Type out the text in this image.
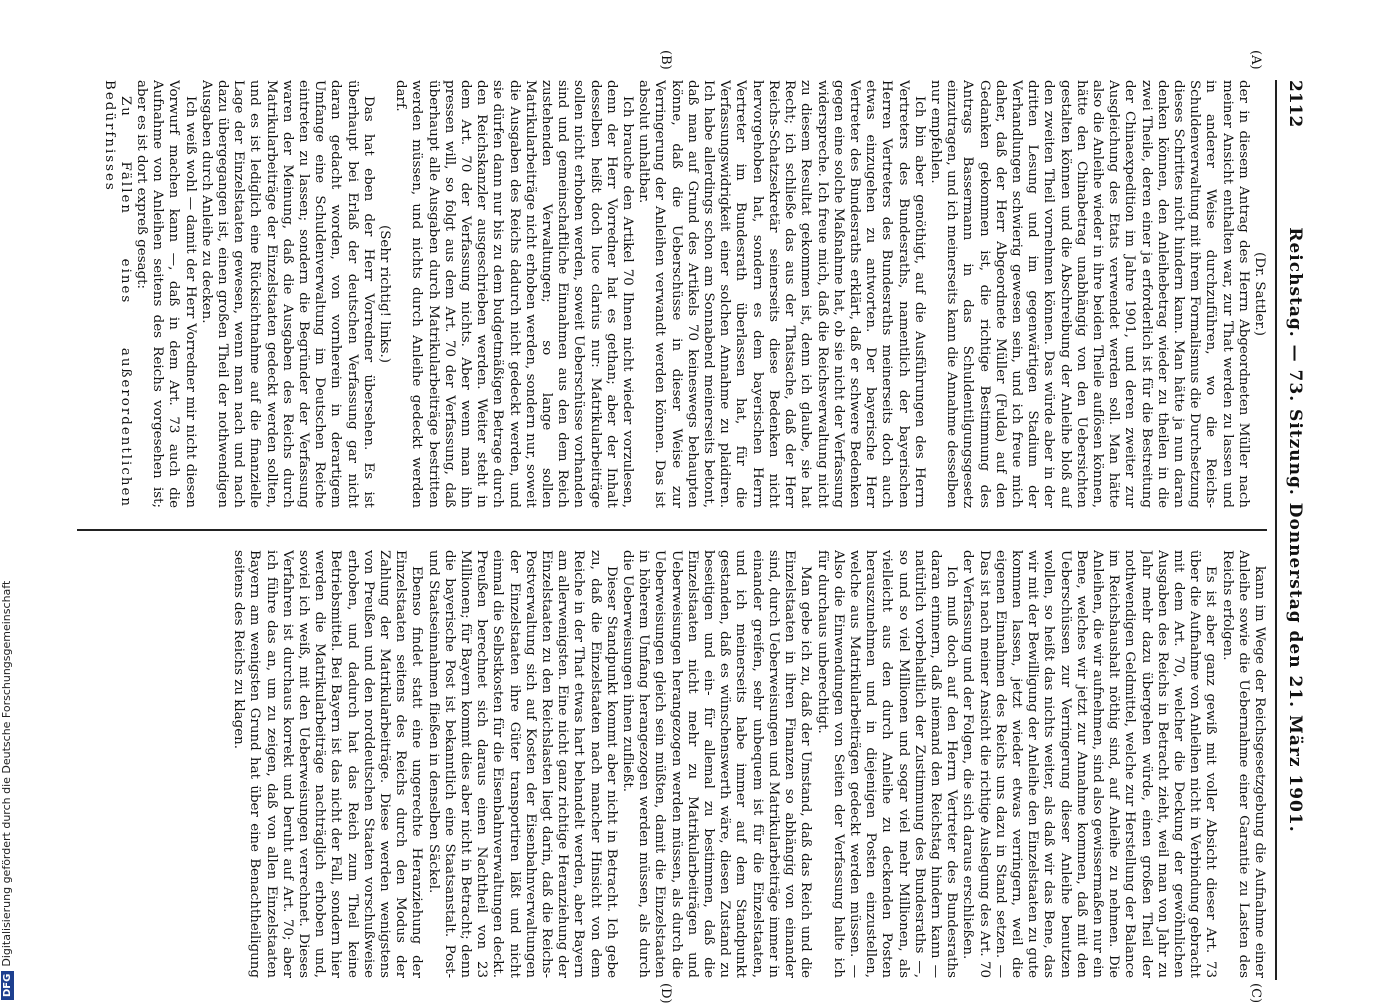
2112
Reichstag. — 73. Sitzung. Donnerstag den 21. März 1901.
(A)
(B)
(C)
(D)

(Dr. Sattler.)

der in diesem Antrag des Herrn Abgeordneten Müller nach meiner Ansicht enthalten war, zur That werden zu lassen und in anderer Weise durchzuführen, wo die Reichs-Schuldenverwaltung mit ihrem Formalismus die Durchsetzung dieses Schrittes nicht hindern kann. Man hätte ja nun daran denken können, den Anleihebetrag wieder zu theilen in die zwei Theile, deren einer ja erforderlich ist für die Bestreitung der Chinaexpedition im Jahre 1901, und deren zweiter zur Ausgleichung des Etats verwendet werden soll. Man hätte also die Anleihe wieder in ihre beiden Theile auflösen können, hätte den Chinabetrag unabhängig von den Uebersichten gestalten können und die Abschreibung der Anleihe bloß auf den zweiten Theil vornehmen können. Das würde aber in der dritten Lesung und im gegenwärtigen Stadium der Verhandlungen schwierig gewesen sein, und ich freue mich daher, daß der Herr Abgeordnete Müller (Fulda) auf den Gedanken gekommen ist, die richtige Bestimmung des Antrags Bassermann in das Schuldentilgungsgesetz einzutragen, und ich meinerseits kann die Annahme desselben nur empfehlen.

Ich bin aber genöthigt, auf die Ausführungen des Herrn Vertreters des Bundesraths, namentlich der bayerischen Herren Vertreters des Bundesraths meinerseits doch auch etwas einzugehen zu antworten. Der bayerische Herr Vertreter des Bundesraths erklärt, daß er schwere Bedenken gegen eine solche Maßnahme hat, ob sie nicht der Verfassung widerspreche. Ich freue mich, daß die Reichsverwaltung nicht zu diesem Resultat gekommen ist, denn ich glaube, sie hat Recht; ich schließe das aus der Thatsache, daß der Herr Reichs-Schatzsekretär seinerseits diese Bedenken nicht hervorgehoben hat, sondern es dem bayerischen Herrn Vertreter im Bundesrath überlassen hat, für die Verfassungswidrigkeit einer solchen Annahme zu plaidiren. Ich habe allerdings schon am Sonnabend meinerseits betont, daß man auf Grund des Artikels 70 keineswegs behaupten könne, daß die Ueberschüsse in dieser Weise zur Verringerung der Anleihen verwandt werden können. Das ist absolut unhaltbar.

Ich brauche den Artikel 70 Ihnen nicht wieder vorzulesen, denn der Herr Vorredner hat es gethan; aber der Inhalt desselben heißt doch luce clarius nur: Matrikularbeiträge sollen nicht erhoben werden, soweit Ueberschüsse vorhanden sind und gemeinschaftliche Einnahmen aus den dem Reich zustehenden Verwaltungen; so lange sollen Matrikularbeiträge nicht erhoben werden, sondern nur, soweit die Ausgaben des Reichs dadurch nicht gedeckt werden, und sie dürfen dann nur bis zu dem budgetmäßigen Betrage durch den Reichskanzler ausgeschrieben werden. Weiter steht in dem Art. 70 der Verfassung nichts. Aber wenn man ihn pressen will, so folgt aus dem Art. 70 der Verfassung, daß überhaupt alle Ausgaben durch Matrikularbeiträge bestritten werden müssen, und nichts durch Anleihe gedeckt werden darf.

(Sehr richtig! links.)

Das hat eben der Herr Vorredner übersehen. Es ist überhaupt bei Erlaß der deutschen Verfassung gar nicht daran gedacht worden, von vornherein in derartigem Umfange eine Schuldenverwaltung im Deutschen Reiche eintreten zu lassen; sondern die Begründer der Verfassung waren der Meinung, daß die Ausgaben des Reichs durch Matrikularbeiträge der Einzelstaaten gedeckt werden sollten, und es ist lediglich eine Rücksichtnahme auf die finanzielle Lage der Einzelstaaten gewesen, wenn man nach und nach dazu übergegangen ist, einen großen Theil der nothwendigen Ausgaben durch Anleihe zu decken.

Ich weiß wohl — damit der Herr Vorredner mir nicht diesen Vorwurf machen kann —, daß in dem Art. 73 auch die Aufnahme von Anleihen seitens des Reichs vorgesehen ist; aber es ist dort expreß gesagt:

Zu Fällen eines außerordentlichen Bedürfnisses

kann im Wege der Reichsgesetzgebung die Aufnahme einer Anleihe sowie die Uebernahme einer Garantie zu Lasten des Reichs erfolgen.

Es ist aber ganz gewiß mit voller Absicht dieser Art. 73 über die Aufnahme von Anleihen nicht in Verbindung gebracht mit dem Art. 70, welcher die Deckung der gewöhnlichen Ausgaben des Reichs in Betracht zieht, weil man von Jahr zu Jahr mehr dazu übergehen würde, einen großen Theil der nothwendigen Geldmittel, welche zur Herstellung der Balance im Reichshaushalt nöthig sind, auf Anleihe zu nehmen. Die Anleihen, die wir aufnehmen, sind also gewissermaßen nur ein Bene, welches wir jetzt zur Annahme kommen, daß mit den Ueberschüssen zur Verringerung dieser Anleihe benutzen wollen, so heißt das nichts weiter, als daß wir das Bene, das wir mit der Bewilligung der Anleihe den Einzelstaaten zu gute kommen lassen, jetzt wieder etwas verringern, weil die eigenen Einnahmen des Reichs uns dazu in Stand setzen. — Das ist nach meiner Ansicht die richtige Auslegung des Art. 70 der Verfassung und der Folgen, die sich daraus erschließen.

Ich muß doch auf den Herrn Vertreter des Bundesraths daran erinnern, daß niemand den Reichstag hindern kann — natürlich vorbehaltlich der Zustimmung des Bundesraths —, so und so viel Millionen und sogar viel mehr Millionen, als vielleicht aus den durch Anleihe zu deckenden Posten herauszunehmen und in diejenigen Posten einzustellen, welche aus Matrikularbeiträgen gedeckt werden müssen. — Also die Einwendungen von Seiten der Verfassung halte ich für durchaus unberechtigt.

Man gebe ich zu, daß der Umstand, daß das Reich und die Einzelstaaten in ihren Finanzen so abhängig von einander sind, durch Ueberweisungen und Matrikularbeiträge immer in einander greifen, sehr unbequem ist für die Einzelstaaten, und ich meinerseits habe immer auf dem Standpunkt gestanden, daß es wünschenswerth wäre, diesen Zustand zu beseitigen und ein- für allemal zu bestimmen, daß die Einzelstaaten nicht mehr zu Matrikularbeiträgen und Ueberweisungen herangezogen werden müssen, als durch die Ueberweisungen gleich sein müßten, damit die Einzelstaaten in höherem Umfang herangezogen werden müssen, als durch die Ueberweisungen ihnen zufließt.

Dieser Standpunkt kommt aber nicht in Betracht. Ich gebe zu, daß die Einzelstaaten nach mancher Hinsicht von dem Reiche in der That etwas hart behandelt werden, aber Bayern am allerwenigsten. Eine nicht ganz richtige Heranziehung der Einzelstaaten zu den Reichslasten liegt darin, daß die Reichs-Postverwaltung sich auf Kosten der Eisenbahnverwaltungen der Einzelstaaten ihre Güter transportiren läßt und nicht einmal die Selbstkosten für die Eisenbahnverwaltungen deckt. Preußen berechnet sich daraus einen Nachtheil von 23 Millionen; für Bayern kommt dies aber nicht in Betracht; denn die bayerische Post ist bekanntlich eine Staatsanstalt. Post- und Staatseinnahmen fließen in denselben Säckel.

Ebenso findet statt eine ungerechte Heranziehung der Einzelstaaten seitens des Reichs durch den Modus der Zahlung der Matrikularbeiträge. Diese werden wenigstens von Preußen und den norddeutschen Staaten vorschußweise erhoben, und dadurch hat das Reich zum Theil keine Betriebsmittel. Bei Bayern ist das nicht der Fall, sondern hier werden die Matrikularbeiträge nachträglich erhoben und, soviel ich weiß, mit den Ueberweisungen verrechnet. Dieses Verfahren ist durchaus korrekt und beruht auf Art. 70; aber ich führe das an, um zu zeigen, daß von allen Einzelstaaten Bayern am wenigsten Grund hat über eine Benachtheiligung seitens des Reichs zu klagen.

DFGDigitalisierung gefördert durch die Deutsche Forschungsgemeinschaft
